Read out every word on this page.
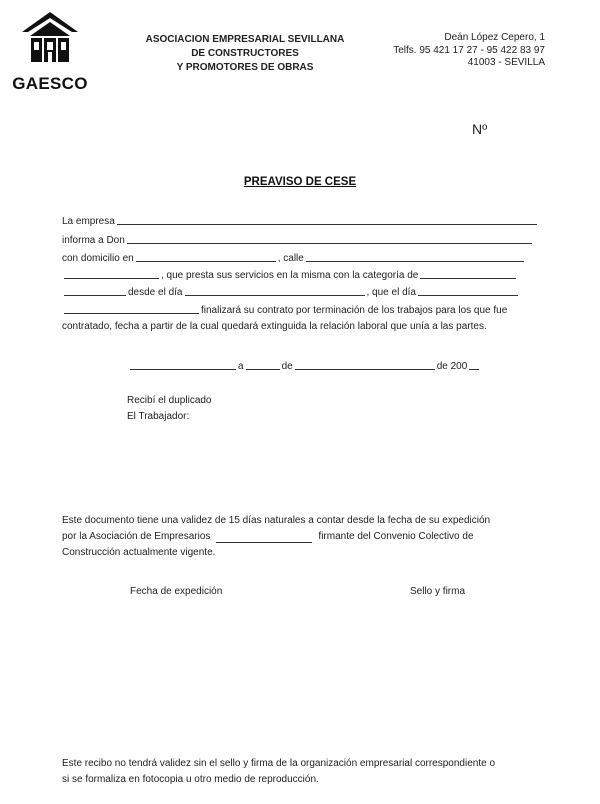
GAESCO
ASOCIACION EMPRESARIAL SEVILLANA
DE CONSTRUCTORES
Y PROMOTORES DE OBRAS
Deán López Cepero, 1
Telfs. 95 421 17 27 - 95 422 83 97
41003 - SEVILLA
Nº
PREAVISO DE CESE
La empresa
informa a Don
con domicilio en	, calle
, que presta sus servicios en la misma con la categoría de
desde el día	, que el día
finalizará su contrato por terminación de los trabajos para los que fue
contratado, fecha a partir de la cual quedará extinguida la relación laboral que unía a las partes.
a	de	de 200
Recibí el duplicado
El Trabajador:
Este documento tiene una validez de 15 días naturales a contar desde la fecha de su expedición
por la Asociación de Empresarios	firmante del Convenio Colectivo de
Construcción actualmente vigente.
Fecha de expedición	Sello y firma
Este recibo no tendrá validez sin el sello y firma de la organización empresarial correspondiente o
si se formaliza en fotocopia u otro medio de reproducción.
